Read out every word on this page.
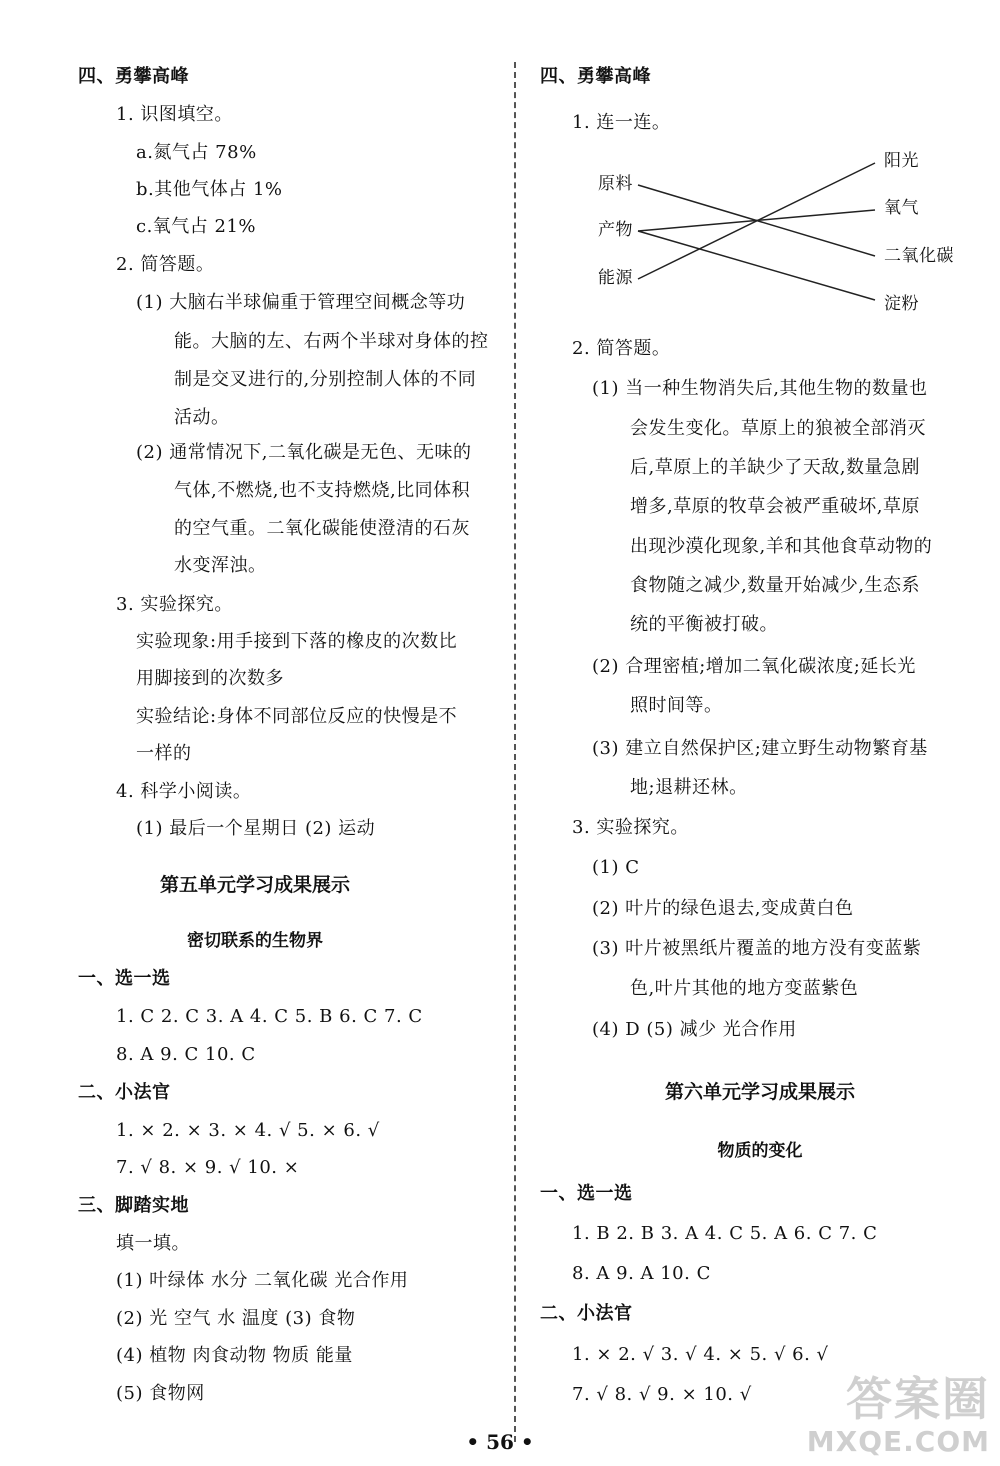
四、勇攀高峰
1. 识图填空。
a.氮气占 78%
b.其他气体占 1%
c.氧气占 21%
2. 简答题。
(1) 大脑右半球偏重于管理空间概念等功
能。大脑的左、右两个半球对身体的控
制是交叉进行的,分别控制人体的不同
活动。
(2) 通常情况下,二氧化碳是无色、无味的
气体,不燃烧,也不支持燃烧,比同体积
的空气重。二氧化碳能使澄清的石灰
水变浑浊。
3. 实验探究。
实验现象:用手接到下落的橡皮的次数比
用脚接到的次数多
实验结论:身体不同部位反应的快慢是不
一样的
4. 科学小阅读。
(1) 最后一个星期日 (2) 运动
第五单元学习成果展示
密切联系的生物界
一、选一选
1. C 2. C 3. A 4. C 5. B 6. C 7. C
8. A 9. C 10. C
二、小法官
1. × 2. × 3. × 4. √ 5. × 6. √
7. √ 8. × 9. √ 10. ×
三、脚踏实地
填一填。
(1) 叶绿体 水分 二氧化碳 光合作用
(2) 光 空气 水 温度 (3) 食物
(4) 植物 肉食动物 物质 能量
(5) 食物网
四、勇攀高峰
1. 连一连。
原料
产物
能源
阳光
氧气
二氧化碳
淀粉
2. 简答题。
(1) 当一种生物消失后,其他生物的数量也
会发生变化。草原上的狼被全部消灭
后,草原上的羊缺少了天敌,数量急剧
增多,草原的牧草会被严重破坏,草原
出现沙漠化现象,羊和其他食草动物的
食物随之减少,数量开始减少,生态系
统的平衡被打破。
(2) 合理密植;增加二氧化碳浓度;延长光
照时间等。
(3) 建立自然保护区;建立野生动物繁育基
地;退耕还林。
3. 实验探究。
(1) C
(2) 叶片的绿色退去,变成黄白色
(3) 叶片被黑纸片覆盖的地方没有变蓝紫
色,叶片其他的地方变蓝紫色
(4) D (5) 减少 光合作用
第六单元学习成果展示
物质的变化
一、选一选
1. B 2. B 3. A 4. C 5. A 6. C 7. C
8. A 9. A 10. C
二、小法官
1. × 2. √ 3. √ 4. × 5. √ 6. √
7. √ 8. √ 9. × 10. √
• 56 •
答案圈
MXQE.COM
